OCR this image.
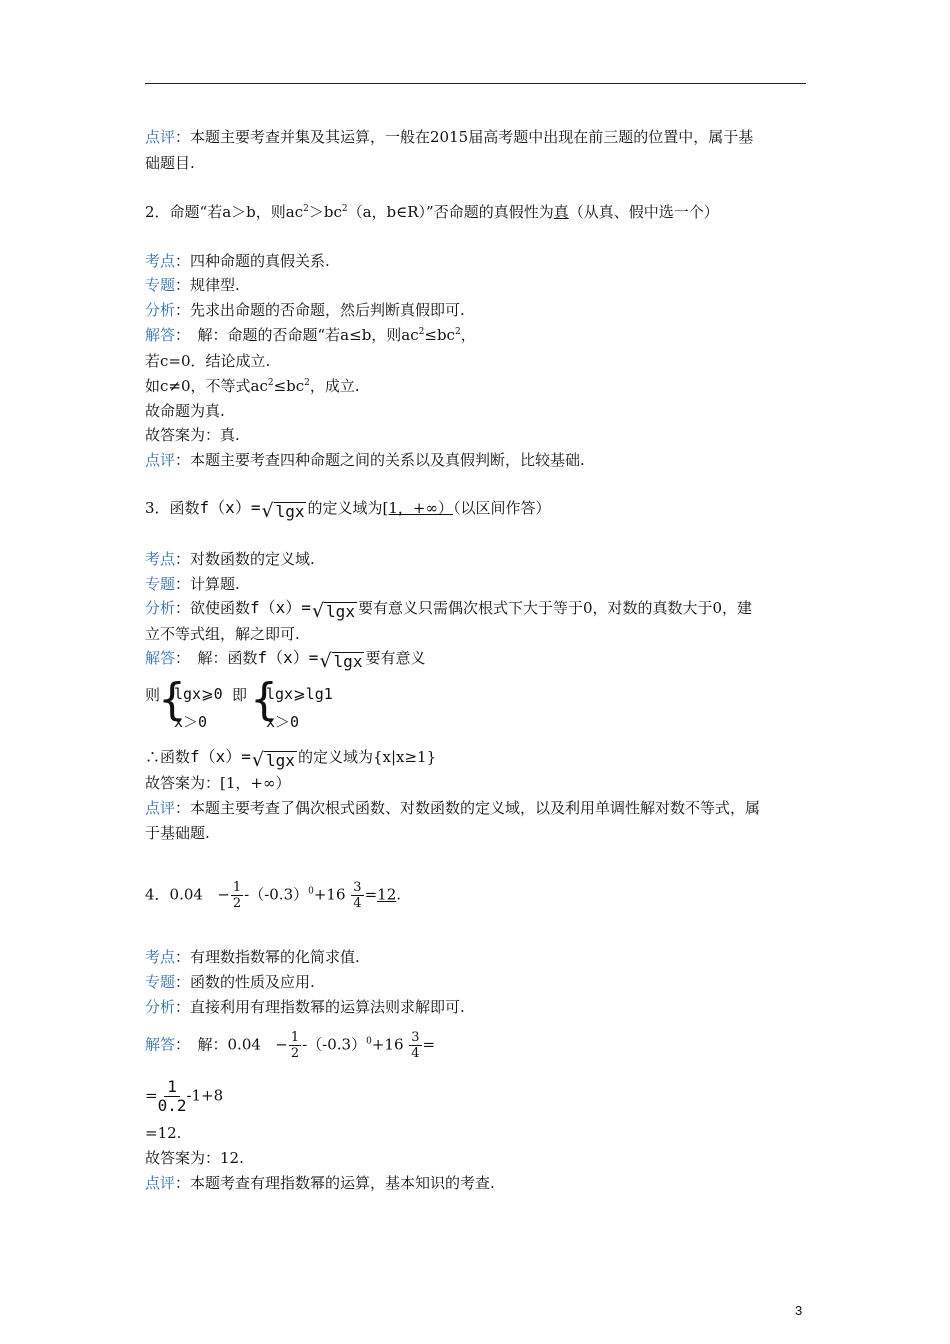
点评：本题主要考查并集及其运算，一般在2015届高考题中出现在前三题的位置中，属于基
础题目.
2．命题“若a＞b，则$ac^2>bc^2(a$，b∈R）”否命题的真假性为真（从真、假中选一个）
考点：四种命题的真假关系.
专题：规律型.
分析：先求出命题的否命题，然后判断真假即可.
解答：　解：命题的否命题“若a≤b，则$ac^2\le bc^2$，
若c=0．结论成立.
如c≠0，不等式$ac^2\le bc^2$，成立.
故命题为真.
故答案为：真.
点评：本题主要考查四种命题之间的关系以及真假判断，比较基础.
3．函数f（x）= √ lgx 的定义域为[1，+∞）（以区间作答）
考点：对数函数的定义域.
专题：计算题.
分析：欲使函数f（x）= √ lgx 要有意义只需偶次根式下大于等于0，对数的真数大于0，建
立不等式组，解之即可.
解答：　解：函数f（x）= √ lgx 要有意义
则
{
lgx⩾0
x＞0
即 {
lgx⩾lg1
x＞0
∴函数f（x）= √ lgx 的定义域为{x|x≥1}
故答案为：[1，+∞）
点评：本题主要考查了偶次根式函数、对数函数的定义域，以及利用单调性解对数不等式，属
于基础题.
4．$0.04 - \frac{1}{2} -(-0.3)^0+16 \frac{3}{4} =12$.
考点：有理数指数幂的化简求值.
专题：函数的性质及应用.
分析：直接利用有理指数幂的运算法则求解即可.
解答：　解：$0.04 - \frac{1}{2} -(-0.3)^0+16 \frac{3}{4}$ =
= $\frac{1}{0.2} -1+8$
=12.
故答案为：12.
点评：本题考查有理指数幂的运算，基本知识的考查.
3
